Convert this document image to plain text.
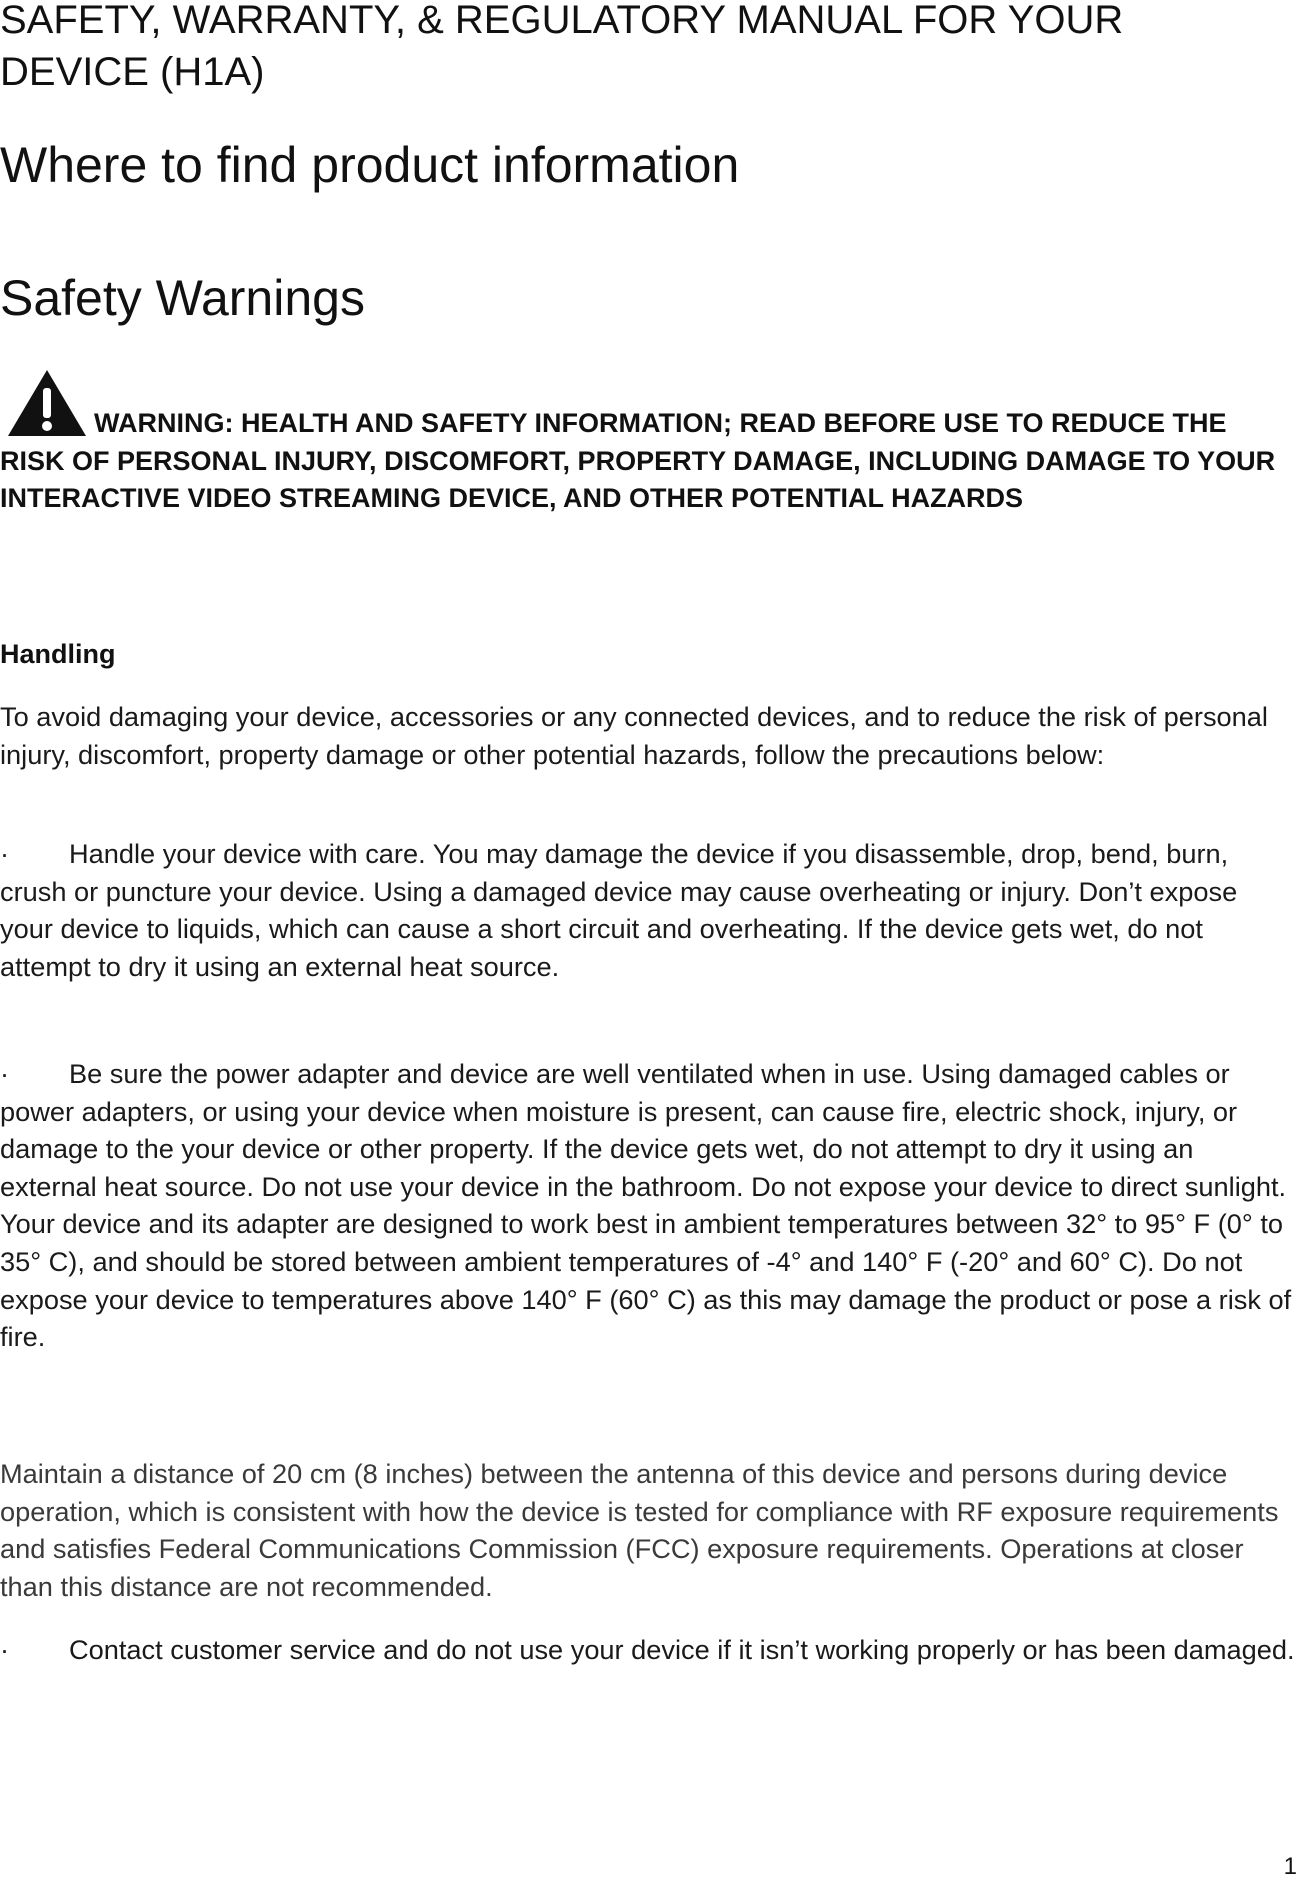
SAFETY, WARRANTY, & REGULATORY MANUAL FOR YOUR DEVICE (H1A)
Where to find product information
Safety Warnings
WARNING: HEALTH AND SAFETY INFORMATION; READ BEFORE USE TO REDUCE THE RISK OF PERSONAL INJURY, DISCOMFORT, PROPERTY DAMAGE, INCLUDING DAMAGE TO YOUR INTERACTIVE VIDEO STREAMING DEVICE, AND OTHER POTENTIAL HAZARDS
Handling

To avoid damaging your device, accessories or any connected devices, and to reduce the risk of personal injury, discomfort, property damage or other potential hazards, follow the precautions below:

· Handle your device with care. You may damage the device if you disassemble, drop, bend, burn, crush or puncture your device. Using a damaged device may cause overheating or injury. Don’t expose your device to liquids, which can cause a short circuit and overheating. If the device gets wet, do not attempt to dry it using an external heat source.

· Be sure the power adapter and device are well ventilated when in use. Using damaged cables or power adapters, or using your device when moisture is present, can cause fire, electric shock, injury, or damage to the your device or other property. If the device gets wet, do not attempt to dry it using an external heat source. Do not use your device in the bathroom. Do not expose your device to direct sunlight. Your device and its adapter are designed to work best in ambient temperatures between 32° to 95° F (0° to 35° C), and should be stored between ambient temperatures of -4° and 140° F (-20° and 60° C). Do not expose your device to temperatures above 140° F (60° C) as this may damage the product or pose a risk of fire.

Maintain a distance of 20 cm (8 inches) between the antenna of this device and persons during device operation, which is consistent with how the device is tested for compliance with RF exposure requirements and satisfies Federal Communications Commission (FCC) exposure requirements. Operations at closer than this distance are not recommended.

· Contact customer service and do not use your device if it isn’t working properly or has been damaged.

1
